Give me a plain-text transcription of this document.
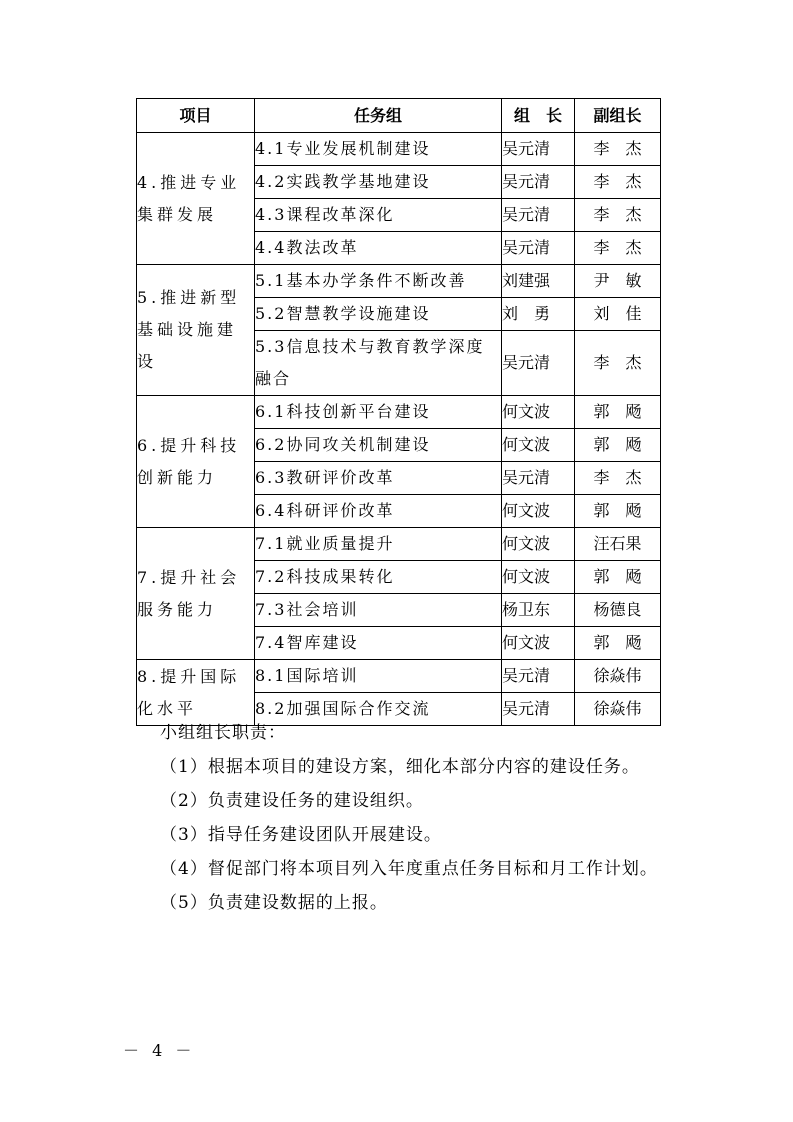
项目	任务组	组　长	副组长
4.推进专业集群发展	4.1专业发展机制建设	吴元清	李　杰
	4.2实践教学基地建设	吴元清	李　杰
	4.3课程改革深化	吴元清	李　杰
	4.4教法改革	吴元清	李　杰
5.推进新型基础设施建设	5.1基本办学条件不断改善	刘建强	尹　敏
	5.2智慧教学设施建设	刘　勇	刘　佳
	5.3信息技术与教育教学深度融合	吴元清	李　杰
6.提升科技创新能力	6.1科技创新平台建设	何文波	郭　飏
	6.2协同攻关机制建设	何文波	郭　飏
	6.3教研评价改革	吴元清	李　杰
	6.4科研评价改革	何文波	郭　飏
7.提升社会服务能力	7.1就业质量提升	何文波	汪石果
	7.2科技成果转化	何文波	郭　飏
	7.3社会培训	杨卫东	杨德良
	7.4智库建设	何文波	郭　飏
8.提升国际化水平	8.1国际培训	吴元清	徐焱伟
	8.2加强国际合作交流	吴元清	徐焱伟

小组组长职责：

（1）根据本项目的建设方案，细化本部分内容的建设任务。

（2）负责建设任务的建设组织。

（3）指导任务建设团队开展建设。

（4）督促部门将本项目列入年度重点任务目标和月工作计划。

（5）负责建设数据的上报。

－ 4 －
